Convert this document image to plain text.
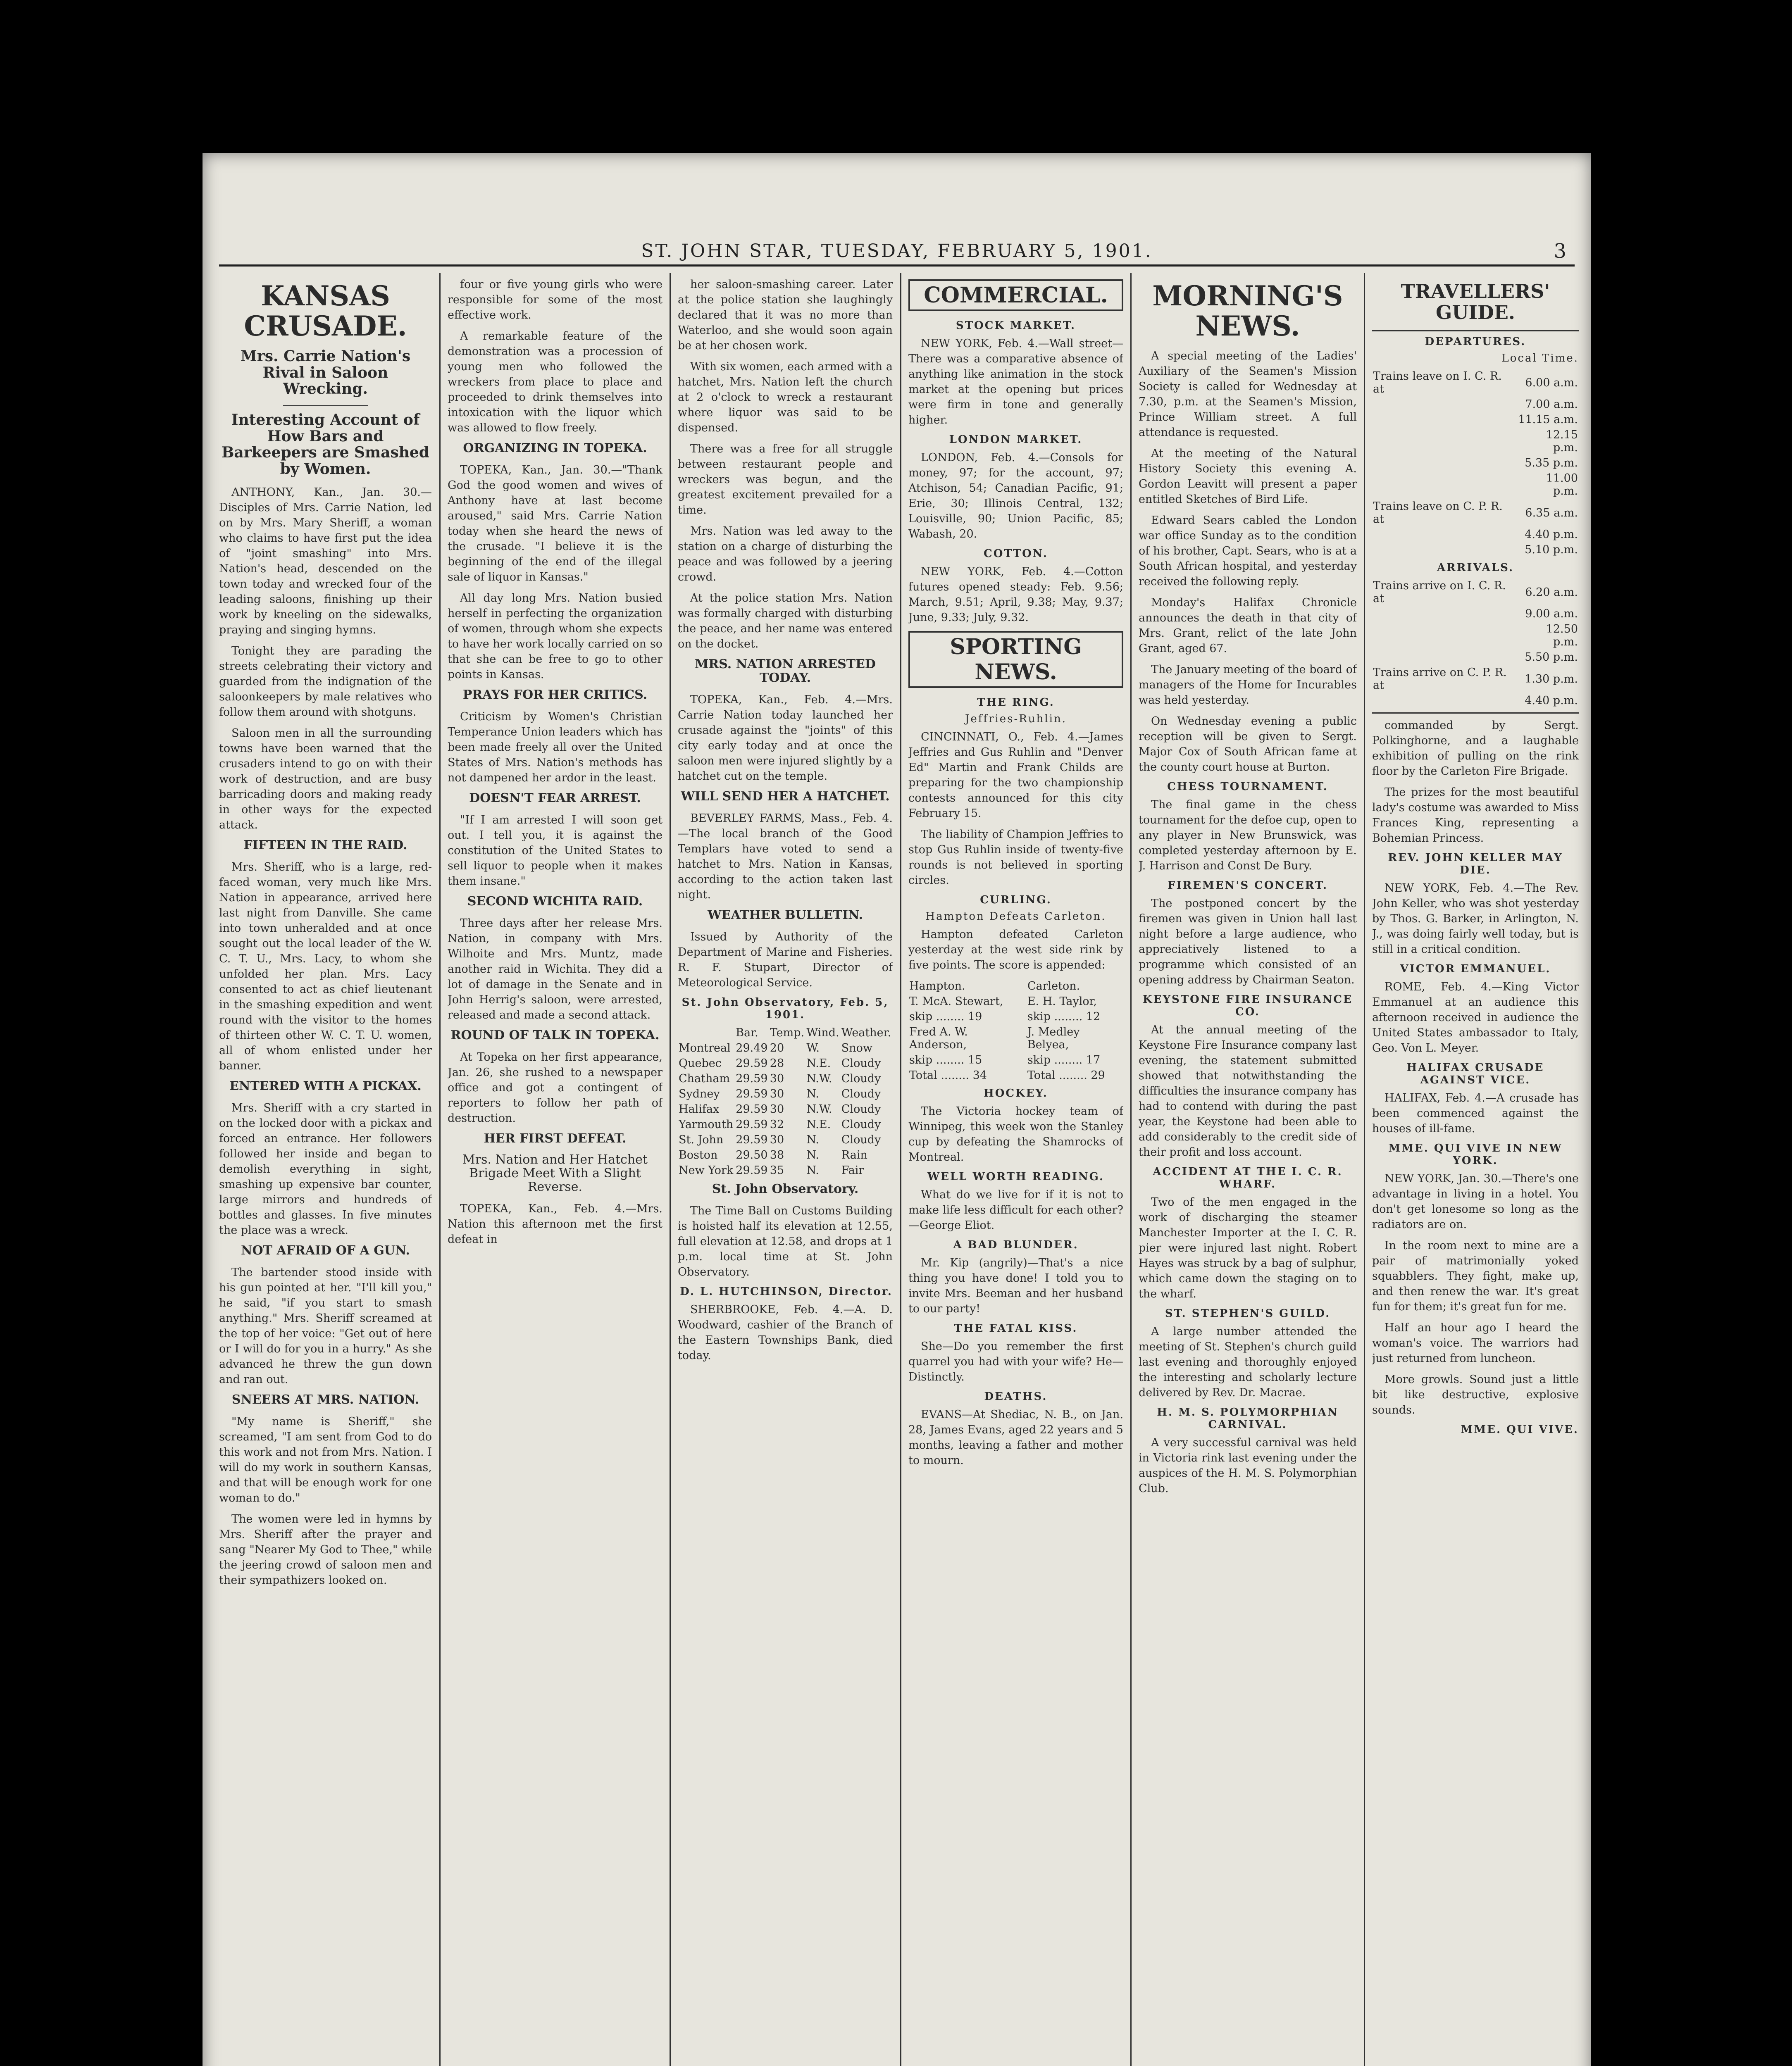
ST. JOHN STAR, TUESDAY, FEBRUARY 5, 1901.	3
KANSAS CRUSADE.
Mrs. Carrie Nation's Rival in Saloon Wrecking.
Interesting Account of How Bars and Barkeepers are Smashed by Women.

ANTHONY, Kan., Jan. 30.—Disciples of Mrs. Carrie Nation, led on by Mrs. Mary Sheriff, a woman who claims to have first put the idea of "joint smashing" into Mrs. Nation's head, descended on the town today and wrecked four of the leading saloons, finishing up their work by kneeling on the sidewalks, praying and singing hymns.

Tonight they are parading the streets celebrating their victory and guarded from the indignation of the saloonkeepers by male relatives who follow them around with shotguns.

Saloon men in all the surrounding towns have been warned that the crusaders intend to go on with their work of destruction, and are busy barricading doors and making ready in other ways for the expected attack.

FIFTEEN IN THE RAID.

Mrs. Sheriff, who is a large, red-faced woman, very much like Mrs. Nation in appearance, arrived here last night from Danville. She came into town unheralded and at once sought out the local leader of the W. C. T. U., Mrs. Lacy, to whom she unfolded her plan. Mrs. Lacy consented to act as chief lieutenant in the smashing expedition and went round with the visitor to the homes of thirteen other W. C. T. U. women, all of whom enlisted under her banner.

ENTERED WITH A PICKAX.

Mrs. Sheriff with a cry started in on the locked door with a pickax and forced an entrance. Her followers followed her inside and began to demolish everything in sight, smashing up expensive bar counter, large mirrors and hundreds of bottles and glasses. In five minutes the place was a wreck.

NOT AFRAID OF A GUN.

The bartender stood inside with his gun pointed at her. "I'll kill you," he said, "if you start to smash anything." Mrs. Sheriff screamed at the top of her voice: "Get out of here or I will do for you in a hurry." As she advanced he threw the gun down and ran out.

SNEERS AT MRS. NATION.

"My name is Sheriff," she screamed, "I am sent from God to do this work and not from Mrs. Nation. I will do my work in southern Kansas, and that will be enough work for one woman to do."

The women were led in hymns by Mrs. Sheriff after the prayer and sang "Nearer My God to Thee," while the jeering crowd of saloon men and their sympathizers looked on.

four or five young girls who were responsible for some of the most effective work.

A remarkable feature of the demonstration was a procession of young men who followed the wreckers from place to place and proceeded to drink themselves into intoxication with the liquor which was allowed to flow freely.

ORGANIZING IN TOPEKA.

TOPEKA, Kan., Jan. 30.—"Thank God the good women and wives of Anthony have at last become aroused," said Mrs. Carrie Nation today when she heard the news of the crusade. "I believe it is the beginning of the end of the illegal sale of liquor in Kansas."

All day long Mrs. Nation busied herself in perfecting the organization of women, through whom she expects to have her work locally carried on so that she can be free to go to other points in Kansas.

PRAYS FOR HER CRITICS.

Criticism by Women's Christian Temperance Union leaders which has been made freely all over the United States of Mrs. Nation's methods has not dampened her ardor in the least.

DOESN'T FEAR ARREST.

"If I am arrested I will soon get out. I tell you, it is against the constitution of the United States to sell liquor to people when it makes them insane."

SECOND WICHITA RAID.

Three days after her release Mrs. Nation, in company with Mrs. Wilhoite and Mrs. Muntz, made another raid in Wichita. They did a lot of damage in the Senate and in John Herrig's saloon, were arrested, released and made a second attack.

ROUND OF TALK IN TOPEKA.

At Topeka on her first appearance, Jan. 26, she rushed to a newspaper office and got a contingent of reporters to follow her path of destruction.

HER FIRST DEFEAT.
Mrs. Nation and Her Hatchet Brigade Meet With a Slight Reverse.

TOPEKA, Kan., Feb. 4.—Mrs. Nation this afternoon met the first defeat in

her saloon-smashing career. Later at the police station she laughingly declared that it was no more than Waterloo, and she would soon again be at her chosen work.

With six women, each armed with a hatchet, Mrs. Nation left the church at 2 o'clock to wreck a restaurant where liquor was said to be dispensed.

There was a free for all struggle between restaurant people and wreckers was begun, and the greatest excitement prevailed for a time.

Mrs. Nation was led away to the station on a charge of disturbing the peace and was followed by a jeering crowd.

At the police station Mrs. Nation was formally charged with disturbing the peace, and her name was entered on the docket.

MRS. NATION ARRESTED TODAY.

TOPEKA, Kan., Feb. 4.—Mrs. Carrie Nation today launched her crusade against the "joints" of this city early today and at once the saloon men were injured slightly by a hatchet cut on the temple.

WILL SEND HER A HATCHET.

BEVERLEY FARMS, Mass., Feb. 4.—The local branch of the Good Templars have voted to send a hatchet to Mrs. Nation in Kansas, according to the action taken last night.

WEATHER BULLETIN.

Issued by Authority of the Department of Marine and Fisheries. R. F. Stupart, Director of Meteorological Service.

St. John Observatory, Feb. 5, 1901.
	Bar.	Temp.	Wind.	Weather.
Montreal	29.49	20	W.	Snow
Quebec	29.59	28	N.E.	Cloudy
Chatham	29.59	30	N.W.	Cloudy
Sydney	29.59	30	N.	Cloudy
Halifax	29.59	30	N.W.	Cloudy
Yarmouth	29.59	32	N.E.	Cloudy
St. John	29.59	30	N.	Cloudy
Boston	29.50	38	N.	Rain
New York	29.59	35	N.	Fair
St. John Observatory.

The Time Ball on Customs Building is hoisted half its elevation at 12.55, full elevation at 12.58, and drops at 1 p.m. local time at St. John Observatory.

D. L. HUTCHINSON, Director.

SHERBROOKE, Feb. 4.—A. D. Woodward, cashier of the Branch of the Eastern Townships Bank, died today.

COMMERCIAL.
STOCK MARKET.

NEW YORK, Feb. 4.—Wall street—There was a comparative absence of anything like animation in the stock market at the opening but prices were firm in tone and generally higher.

LONDON MARKET.

LONDON, Feb. 4.—Consols for money, 97; for the account, 97; Atchison, 54; Canadian Pacific, 91; Erie, 30; Illinois Central, 132; Louisville, 90; Union Pacific, 85; Wabash, 20.

COTTON.

NEW YORK, Feb. 4.—Cotton futures opened steady: Feb. 9.56; March, 9.51; April, 9.38; May, 9.37; June, 9.33; July, 9.32.

SPORTING NEWS.
THE RING.
Jeffries-Ruhlin.

CINCINNATI, O., Feb. 4.—James Jeffries and Gus Ruhlin and "Denver Ed" Martin and Frank Childs are preparing for the two championship contests announced for this city February 15.

The liability of Champion Jeffries to stop Gus Ruhlin inside of twenty-five rounds is not believed in sporting circles.

CURLING.
Hampton Defeats Carleton.

Hampton defeated Carleton yesterday at the west side rink by five points. The score is appended:

Hampton.	Carleton.
T. McA. Stewart,	E. H. Taylor,
skip ........ 19	skip ........ 12
Fred A. W. Anderson,	J. Medley Belyea,
skip ........ 15	skip ........ 17
Total ........ 34	Total ........ 29
HOCKEY.

The Victoria hockey team of Winnipeg, this week won the Stanley cup by defeating the Shamrocks of Montreal.

WELL WORTH READING.

What do we live for if it is not to make life less difficult for each other?—George Eliot.

A BAD BLUNDER.

Mr. Kip (angrily)—That's a nice thing you have done! I told you to invite Mrs. Beeman and her husband to our party!

THE FATAL KISS.

She—Do you remember the first quarrel you had with your wife? He—Distinctly.

DEATHS.

EVANS—At Shediac, N. B., on Jan. 28, James Evans, aged 22 years and 5 months, leaving a father and mother to mourn.

MORNING'S NEWS.

A special meeting of the Ladies' Auxiliary of the Seamen's Mission Society is called for Wednesday at 7.30, p.m. at the Seamen's Mission, Prince William street. A full attendance is requested.

At the meeting of the Natural History Society this evening A. Gordon Leavitt will present a paper entitled Sketches of Bird Life.

Edward Sears cabled the London war office Sunday as to the condition of his brother, Capt. Sears, who is at a South African hospital, and yesterday received the following reply.

Monday's Halifax Chronicle announces the death in that city of Mrs. Grant, relict of the late John Grant, aged 67.

The January meeting of the board of managers of the Home for Incurables was held yesterday.

On Wednesday evening a public reception will be given to Sergt. Major Cox of South African fame at the county court house at Burton.

CHESS TOURNAMENT.

The final game in the chess tournament for the defoe cup, open to any player in New Brunswick, was completed yesterday afternoon by E. J. Harrison and Const De Bury.

FIREMEN'S CONCERT.

The postponed concert by the firemen was given in Union hall last night before a large audience, who appreciatively listened to a programme which consisted of an opening address by Chairman Seaton.

KEYSTONE FIRE INSURANCE CO.

At the annual meeting of the Keystone Fire Insurance company last evening, the statement submitted showed that notwithstanding the difficulties the insurance company has had to contend with during the past year, the Keystone had been able to add considerably to the credit side of their profit and loss account.

ACCIDENT AT THE I. C. R. WHARF.

Two of the men engaged in the work of discharging the steamer Manchester Importer at the I. C. R. pier were injured last night. Robert Hayes was struck by a bag of sulphur, which came down the staging on to the wharf.

ST. STEPHEN'S GUILD.

A large number attended the meeting of St. Stephen's church guild last evening and thoroughly enjoyed the interesting and scholarly lecture delivered by Rev. Dr. Macrae.

H. M. S. POLYMORPHIAN CARNIVAL.

A very successful carnival was held in Victoria rink last evening under the auspices of the H. M. S. Polymorphian Club.

TRAVELLERS' GUIDE.
DEPARTURES.
Local Time.
Trains leave on I. C. R. at	6.00 a.m.
	7.00 a.m.
	11.15 a.m.
	12.15 p.m.
	5.35 p.m.
	11.00 p.m.
Trains leave on C. P. R. at	6.35 a.m.
	4.40 p.m.
	5.10 p.m.
ARRIVALS.
Trains arrive on I. C. R. at	6.20 a.m.
	9.00 a.m.
	12.50 p.m.
	5.50 p.m.
Trains arrive on C. P. R. at	1.30 p.m.
	4.40 p.m.

commanded by Sergt. Polkinghorne, and a laughable exhibition of pulling on the rink floor by the Carleton Fire Brigade.

The prizes for the most beautiful lady's costume was awarded to Miss Frances King, representing a Bohemian Princess.

REV. JOHN KELLER MAY DIE.

NEW YORK, Feb. 4.—The Rev. John Keller, who was shot yesterday by Thos. G. Barker, in Arlington, N. J., was doing fairly well today, but is still in a critical condition.

VICTOR EMMANUEL.

ROME, Feb. 4.—King Victor Emmanuel at an audience this afternoon received in audience the United States ambassador to Italy, Geo. Von L. Meyer.

HALIFAX CRUSADE AGAINST VICE.

HALIFAX, Feb. 4.—A crusade has been commenced against the houses of ill-fame.

MME. QUI VIVE IN NEW YORK.

NEW YORK, Jan. 30.—There's one advantage in living in a hotel. You don't get lonesome so long as the radiators are on.

In the room next to mine are a pair of matrimonially yoked squabblers. They fight, make up, and then renew the war. It's great fun for them; it's great fun for me.

Half an hour ago I heard the woman's voice. The warriors had just returned from luncheon.

More growls. Sound just a little bit like destructive, explosive sounds.

MME. QUI VIVE.
